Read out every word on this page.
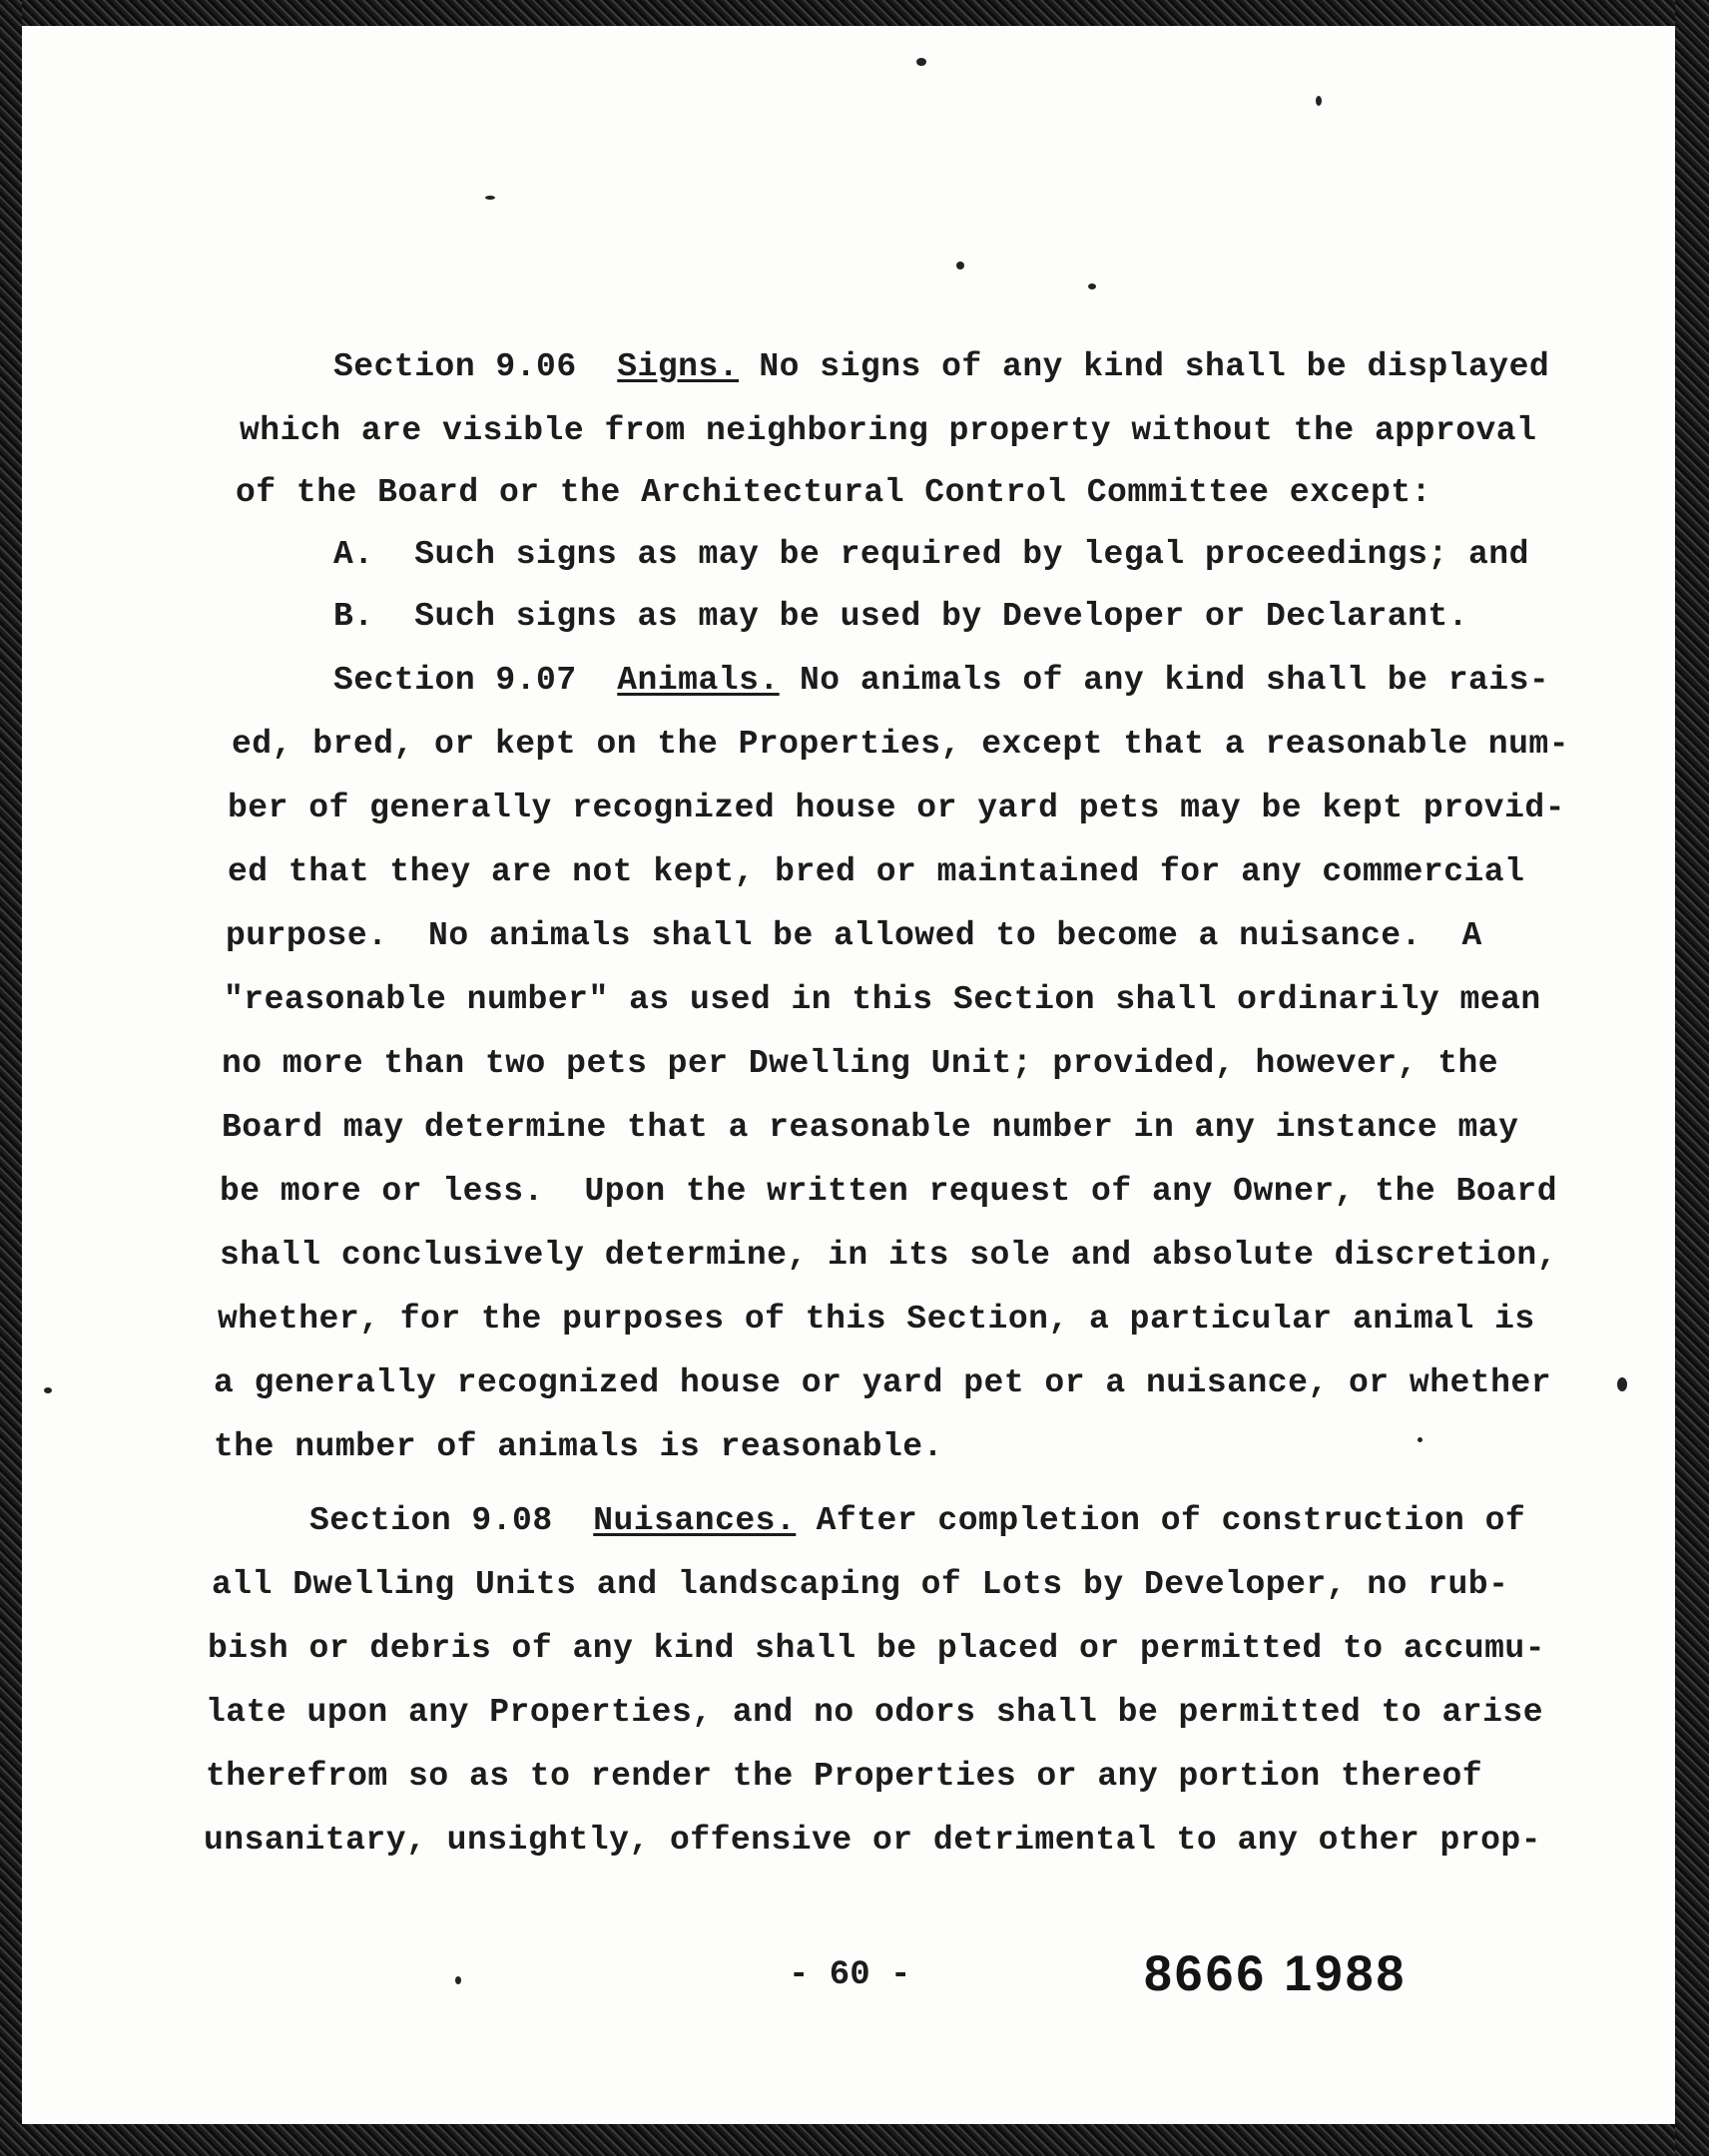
Section 9.06 Signs. No signs of any kind shall be displayed
which are visible from neighboring property without the approval
of the Board or the Architectural Control Committee except:
A.  Such signs as may be required by legal proceedings; and
B.  Such signs as may be used by Developer or Declarant.
Section 9.07 Animals. No animals of any kind shall be rais-
ed, bred, or kept on the Properties, except that a reasonable num-
ber of generally recognized house or yard pets may be kept provid-
ed that they are not kept, bred or maintained for any commercial
purpose.  No animals shall be allowed to become a nuisance.  A
"reasonable number" as used in this Section shall ordinarily mean
no more than two pets per Dwelling Unit; provided, however, the
Board may determine that a reasonable number in any instance may
be more or less.  Upon the written request of any Owner, the Board
shall conclusively determine, in its sole and absolute discretion,
whether, for the purposes of this Section, a particular animal is
a generally recognized house or yard pet or a nuisance, or whether
the number of animals is reasonable.
Section 9.08 Nuisances. After completion of construction of
all Dwelling Units and landscaping of Lots by Developer, no rub-
bish or debris of any kind shall be placed or permitted to accumu-
late upon any Properties, and no odors shall be permitted to arise
therefrom so as to render the Properties or any portion thereof
unsanitary, unsightly, offensive or detrimental to any other prop-
- 60 -	8666 1988
